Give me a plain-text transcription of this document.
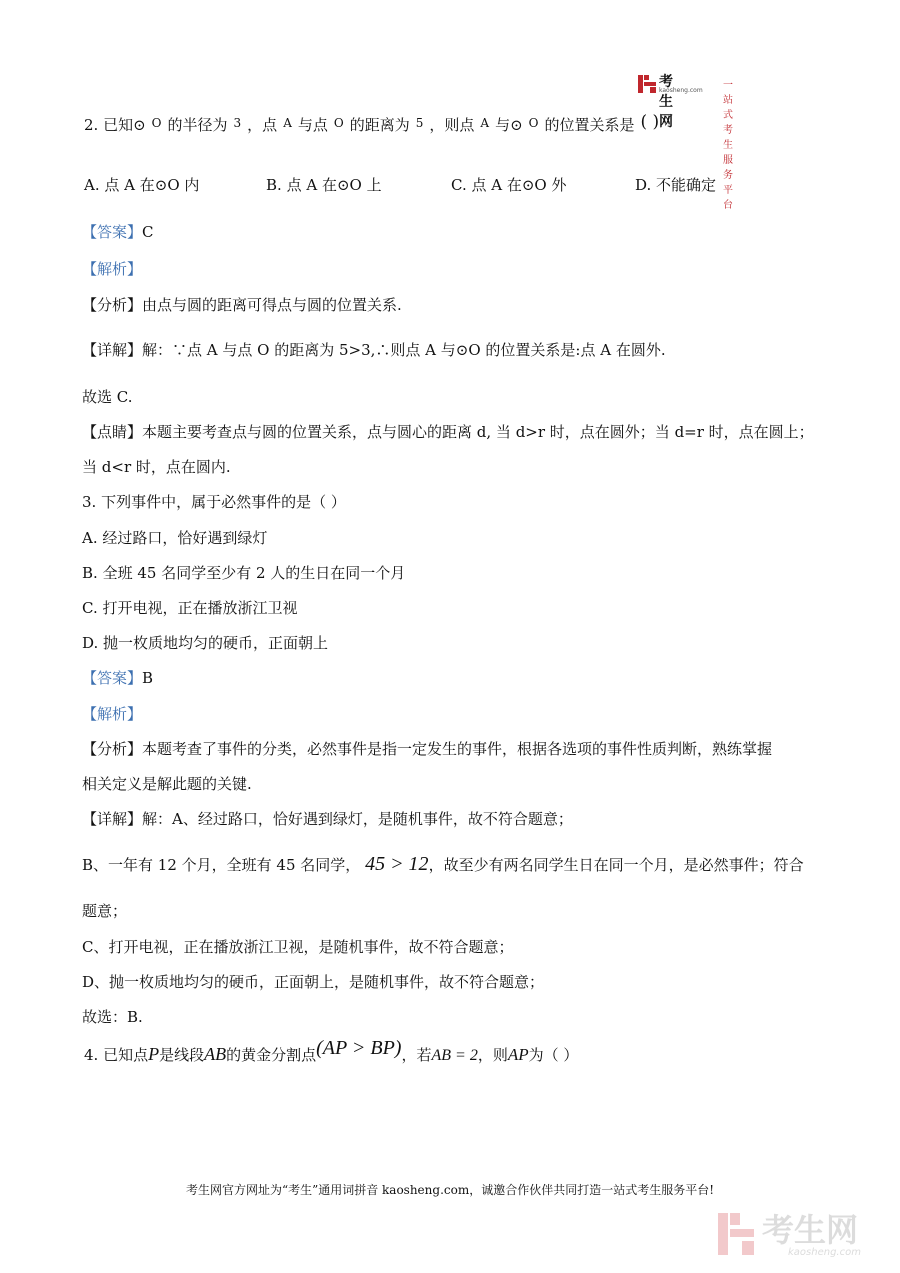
考生网
kaosheng.com 一站式考生服务平台
2. 已知⊙ $^O$ 的半径为 $^3$ ，点 $^A$ 与点 $^O$ 的距离为 $^5$ ，则点 $^A$ 与⊙ $^O$ 的位置关系是 ( )
A. 点 A 在⊙O 内	B. 点 A 在⊙O 上	C. 点 A 在⊙O 外	D. 不能确定
【答案】C
【解析】
【分析】由点与圆的距离可得点与圆的位置关系.
【详解】解：∵点 A 与点 O 的距离为 5>3,∴则点 A 与⊙O 的位置关系是:点 A 在圆外.
故选 C.
【点睛】本题主要考查点与圆的位置关系，点与圆心的距离 d, 当 d>r 时，点在圆外；当 d=r 时，点在圆上；
当 d<r 时，点在圆内.
3. 下列事件中，属于必然事件的是（ ）
A. 经过路口，恰好遇到绿灯
B. 全班 45 名同学至少有 2 人的生日在同一个月
C. 打开电视，正在播放浙江卫视
D. 抛一枚质地均匀的硬币，正面朝上
【答案】B
【解析】
【分析】本题考查了事件的分类，必然事件是指一定发生的事件，根据各选项的事件性质判断，熟练掌握
相关定义是解此题的关键.
【详解】解：A、经过路口，恰好遇到绿灯，是随机事件，故不符合题意；
B、一年有 12 个月，全班有 45 名同学， 45 > 12，故至少有两名同学生日在同一个月，是必然事件；符合
题意；
C、打开电视，正在播放浙江卫视，是随机事件，故不符合题意；
D、抛一枚质地均匀的硬币，正面朝上，是随机事件，故不符合题意；
故选：B.
4. 已知点P是线段AB的黄金分割点(AP > BP)，若AB = 2，则AP为（ ）
考生网官方网址为“考生”通用词拼音 kaosheng.com，诚邀合作伙伴共同打造一站式考生服务平台!
考生网
kaosheng.com
